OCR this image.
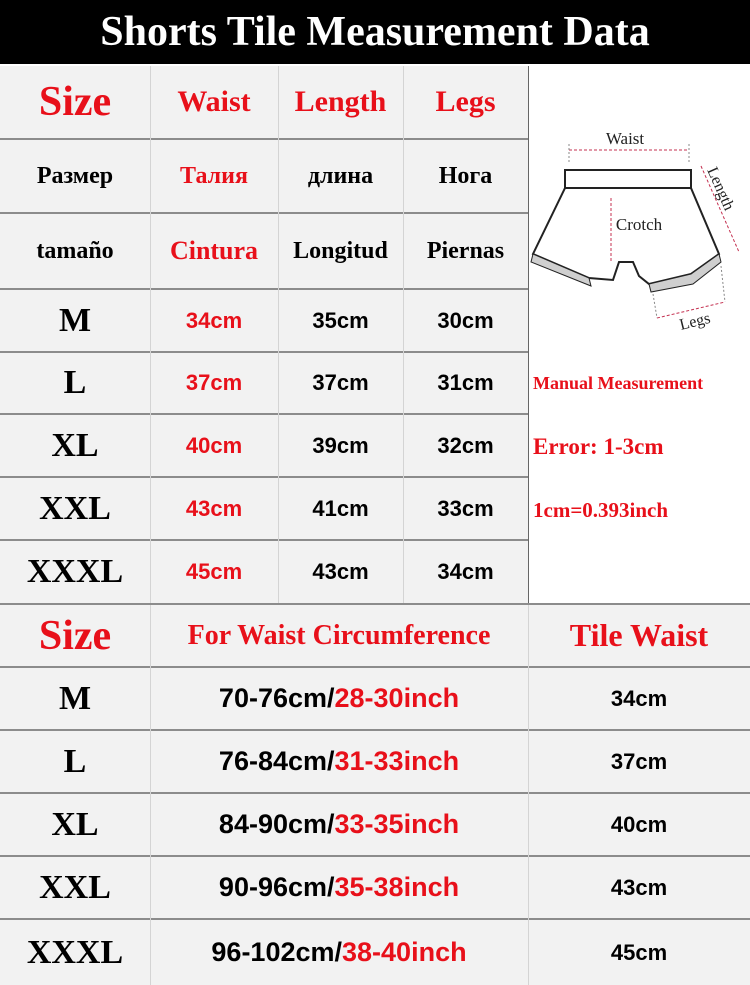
Shorts Tile Measurement Data
Size	Waist	Length	Legs
Размер	Талия	длина	Нога
tamaño	Cintura	Longitud	Piernas
M	34cm	35cm	30cm
L	37cm	37cm	31cm
XL	40cm	39cm	32cm
XXL	43cm	41cm	33cm
XXXL	45cm	43cm	34cm
Waist
Crotch
Length
Legs
Manual Measurement
Error: 1-3cm
1cm=0.393inch
Size	For Waist Circumference	Tile Waist
M	70-76cm/ 28-30inch	34cm
L	76-84cm/ 31-33inch	37cm
XL	84-90cm/ 33-35inch	40cm
XXL	90-96cm/ 35-38inch	43cm
XXXL	96-102cm/ 38-40inch	45cm
